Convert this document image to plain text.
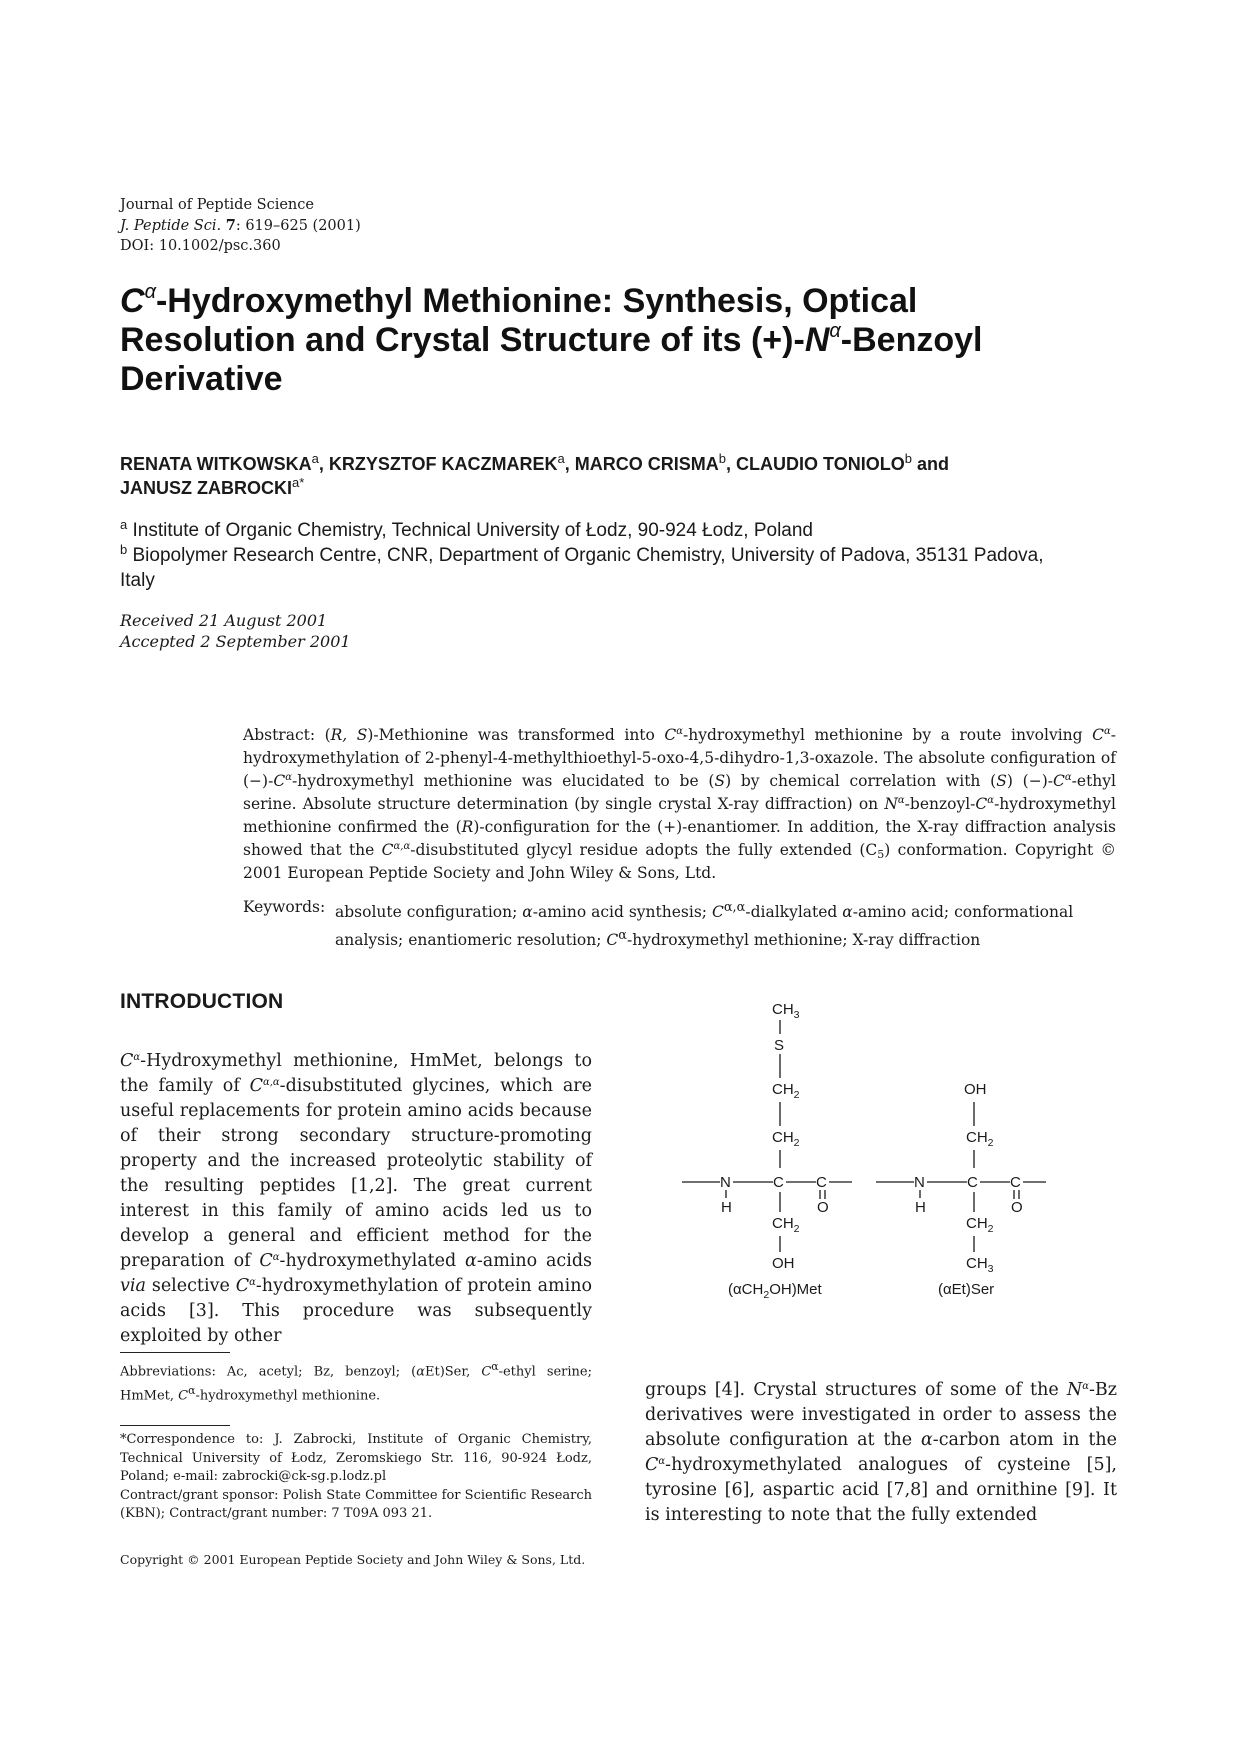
Journal of Peptide Science
J. Peptide Sci. 7: 619–625 (2001)
DOI: 10.1002/psc.360
$C^\alpha$-Hydroxymethyl Methionine: Synthesis, Optical Resolution and Crystal Structure of its $(+)-N^\alpha$-Benzoyl Derivative
RENATA WITKOWSKA$^a$, KRZYSZTOF KACZMAREK$^a$, MARCO CRISMA$^b$, CLAUDIO TONIOLO$^b$ and
JANUSZ $ZABROCKI^{a*}$
$^a$ Institute of Organic Chemistry, Technical University of Łodz, 90-924 Łodz, Poland
$^b$ Biopolymer Research Centre, CNR, Department of Organic Chemistry, University of Padova, 35131 Padova, Italy
Received 21 August 2001
Accepted 2 September 2001
Abstract: (R, S)-Methionine was transformed into $C^\alpha$-hydroxymethyl methionine by a route involving $C^\alpha$-hydroxymethylation of 2-phenyl-4-methylthioethyl-5-oxo-4,5-dihydro-1,3-oxazole. The absolute configuration of $(-)-C^\alpha$-hydroxymethyl methionine was elucidated to be (S) by chemical correlation with (S) $(-)-C^\alpha$-ethyl serine. Absolute structure determination (by single crystal X-ray diffraction) on $N^\alpha-benzoyl-C^\alpha$-hydroxymethyl methionine confirmed the (R)-configuration for the (+)-enantiomer. In addition, the X-ray diffraction analysis showed that the $C^{\alpha,\alpha}$-disubstituted glycyl residue adopts the fully extended $(C_5)$ conformation. Copyright © 2001 European Peptide Society and John Wiley & Sons, Ltd.
Keywords: absolute configuration; α-amino acid synthesis; $C^{\alpha,\alpha}$-dialkylated α-amino acid; conformational analysis; enantiomeric resolution; $C^\alpha$-hydroxymethyl methionine; X-ray diffraction
INTRODUCTION
$C^\alpha$-Hydroxymethyl methionine, HmMet, belongs to the family of $C^{\alpha,\alpha}$-disubstituted glycines, which are useful replacements for protein amino acids because of their strong secondary structure-promoting property and the increased proteolytic stability of the resulting peptides [1,2]. The great current interest in this family of amino acids led us to develop a general and efficient method for the preparation of $C^\alpha$-hydroxymethylated α-amino acids via selective $C^\alpha$-hydroxymethylation of protein amino acids [3]. This procedure was subsequently exploited by other
groups [4]. Crystal structures of some of the $N^\alpha-Bz$ derivatives were investigated in order to assess the absolute configuration at the α-carbon atom in the $C^\alpha$-hydroxymethylated analogues of cysteine [5], tyrosine [6], aspartic acid [7,8] and ornithine [9]. It is interesting to note that the fully extended
Abbreviations: Ac, acetyl; Bz, benzoyl; (αEt)Ser, $C^\alpha$-ethyl serine; HmMet, $C^\alpha$-hydroxymethyl methionine.
*Correspondence to: J. Zabrocki, Institute of Organic Chemistry, Technical University of Łodz, Zeromskiego Str. 116, 90-924 Łodz, Poland; e-mail: zabrocki@ck-sg.p.lodz.pl
Contract/grant sponsor: Polish State Committee for Scientific Research (KBN); Contract/grant number: 7 T09A 093 21.
Copyright © 2001 European Peptide Society and John Wiley & Sons, Ltd.
$CH_3$
S
$CH_2$
$CH_2$
N
H
C C
O
$CH_2$
OH
(αCH$_2$OH)Met
OH
$CH_2$
N
H
C C
O
$CH_2$
$CH_3$
(αEt)Ser
